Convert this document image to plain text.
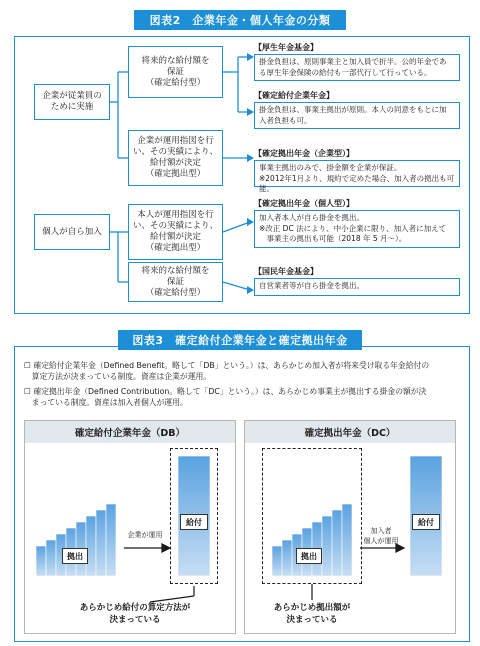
図表2　企業年金・個人年金の分類
企業が従業員の
ために実施
個人が自ら加入
将来的な給付額を
保証
（確定給付型）
企業が運用指図を行
い、その実績により、
給付額が決定
（確定拠出型）
本人が運用指図を行
い、その実績により、
給付額が決定
（確定拠出型）
将来的な給付額を
保証
（確定給付型）
【厚生年金基金】
掛金負担は、原則事業主と加入員で折半。公的年金であ
る厚生年金保険の給付も一部代行して行っている。
【確定給付企業年金】
掛金負担は、事業主拠出が原則。本人の同意をもとに加
入者負担も可。
【確定拠出年金（企業型）】
事業主拠出のみで、掛金額を企業が保証。
※2012年1月より、規約で定めた場合、加入者の拠出も可能。
【確定拠出年金（個人型）】
加入者本人が自ら掛金を拠出。
※改正 DC 法により、中小企業に限り、加入者に加えて
　事業主の拠出も可能（2018 年 5 月〜）。
【国民年金基金】
自営業者等が自ら掛金を拠出。
図表3　確定給付企業年金と確定拠出年金
☐ 確定給付企業年金（Defined Benefit。略して「DB」という。）は、あらかじめ加入者が将来受け取る年金給付の
　算定方法が決まっている制度。資産は企業が運用。
☐ 確定拠出年金（Defined Contribution。略して「DC」という。）は、あらかじめ事業主が拠出する掛金の額が決
　まっている制度。資産は加入者個人が運用。
確定給付企業年金（DB）	確定拠出年金（DC）
拠出
給付
企業が運用
拠出
給付
加入者
個人が運用
あらかじめ給付の算定方法が
決まっている
あらかじめ拠出額が
決まっている
